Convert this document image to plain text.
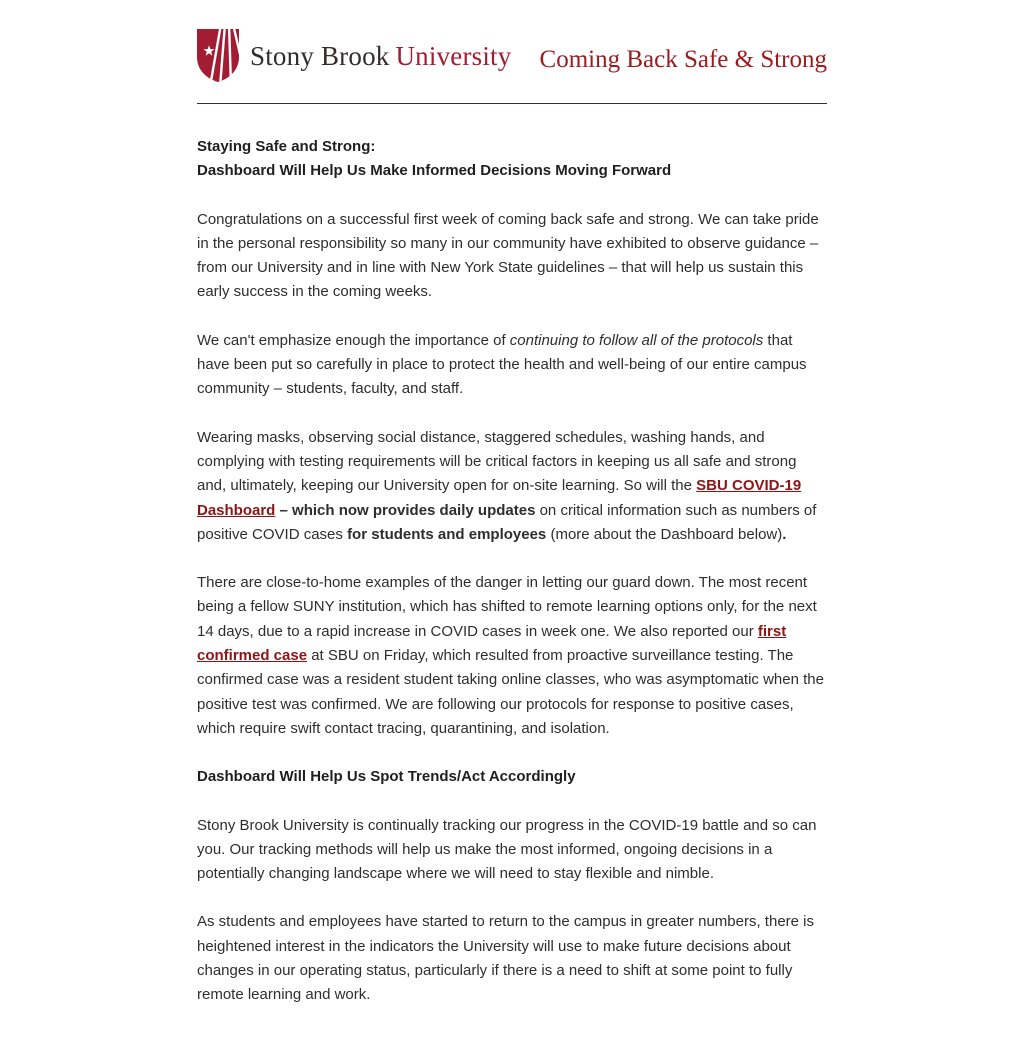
Stony Brook University Coming Back Safe & Strong
Staying Safe and Strong:
Dashboard Will Help Us Make Informed Decisions Moving Forward

Congratulations on a successful first week of coming back safe and strong. We can take pride in the personal responsibility so many in our community have exhibited to observe guidance – from our University and in line with New York State guidelines – that will help us sustain this early success in the coming weeks.

We can't emphasize enough the importance of continuing to follow all of the protocols that have been put so carefully in place to protect the health and well-being of our entire campus community – students, faculty, and staff.

Wearing masks, observing social distance, staggered schedules, washing hands, and complying with testing requirements will be critical factors in keeping us all safe and strong and, ultimately, keeping our University open for on-site learning. So will the SBU COVID-19 Dashboard – which now provides daily updates on critical information such as numbers of positive COVID cases for students and employees (more about the Dashboard below).

There are close-to-home examples of the danger in letting our guard down. The most recent being a fellow SUNY institution, which has shifted to remote learning options only, for the next 14 days, due to a rapid increase in COVID cases in week one. We also reported our first confirmed case at SBU on Friday, which resulted from proactive surveillance testing. The confirmed case was a resident student taking online classes, who was asymptomatic when the positive test was confirmed. We are following our protocols for response to positive cases, which require swift contact tracing, quarantining, and isolation.

Dashboard Will Help Us Spot Trends/Act Accordingly

Stony Brook University is continually tracking our progress in the COVID-19 battle and so can you. Our tracking methods will help us make the most informed, ongoing decisions in a potentially changing landscape where we will need to stay flexible and nimble.

As students and employees have started to return to the campus in greater numbers, there is heightened interest in the indicators the University will use to make future decisions about changes in our operating status, particularly if there is a need to shift at some point to fully remote learning and work.
